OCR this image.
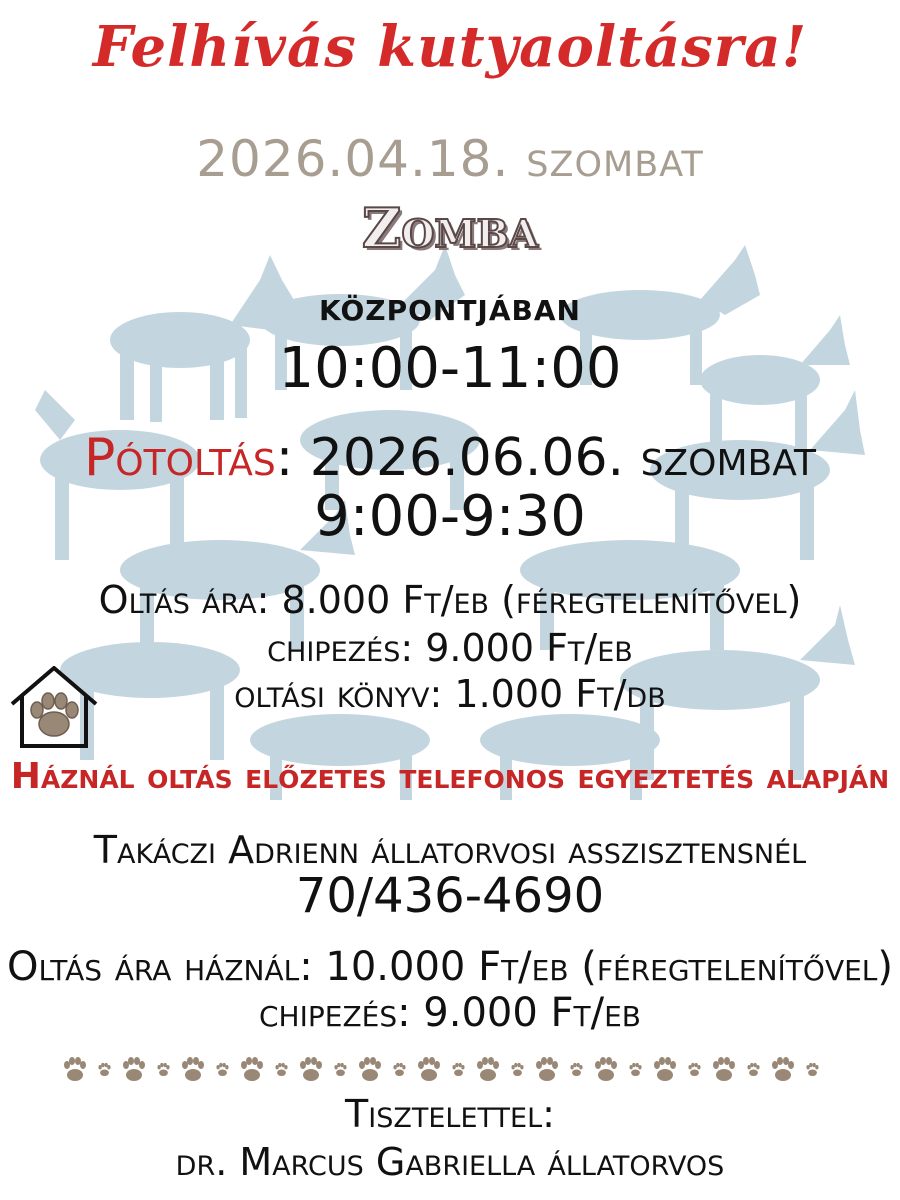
Felhívás kutyaoltásra!
2026.04.18. szombat
Zomba
központjában
10:00-11:00
Pótoltás: 2026.06.06. szombat
9:00-9:30
Oltás ára: 8.000 Ft/eb (féregtelenítővel)
chipezés: 9.000 Ft/eb
oltási könyv: 1.000 Ft/db
Háznál oltás előzetes telefonos egyeztetés alapján
Takáczi Adrienn állatorvosi asszisztensnél
70/436-4690
Oltás ára háznál: 10.000 Ft/eb (féregtelenítővel)
chipezés: 9.000 Ft/eb
Tisztelettel:
dr. Marcus Gabriella állatorvos
